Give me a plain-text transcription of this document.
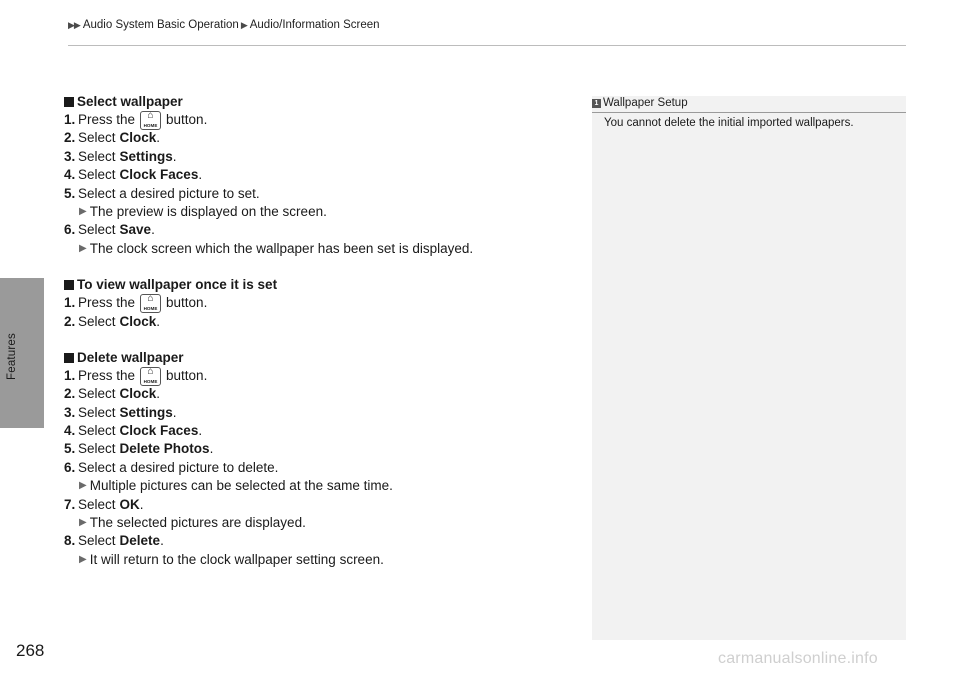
▶▶ Audio System Basic Operation ▶ Audio/Information Screen
Features
Select wallpaper
1. Press the	⌂
HOME button.
2. Select Clock .
3. Select Settings .
4. Select Clock Faces .
5. Select a desired picture to set.
▶ The preview is displayed on the screen.
6. Select Save .
▶ The clock screen which the wallpaper has been set is displayed.
To view wallpaper once it is set
1. Press the	⌂
HOME button.
2. Select Clock .
Delete wallpaper
1. Press the	⌂
HOME button.
2. Select Clock .
3. Select Settings .
4. Select Clock Faces .
5. Select Delete Photos .
6. Select a desired picture to delete.
▶ Multiple pictures can be selected at the same time.
7. Select OK .
▶ The selected pictures are displayed.
8. Select Delete .
▶ It will return to the clock wallpaper setting screen.
1 Wallpaper Setup
You cannot delete the initial imported wallpapers.
268	carmanualsonline.info
